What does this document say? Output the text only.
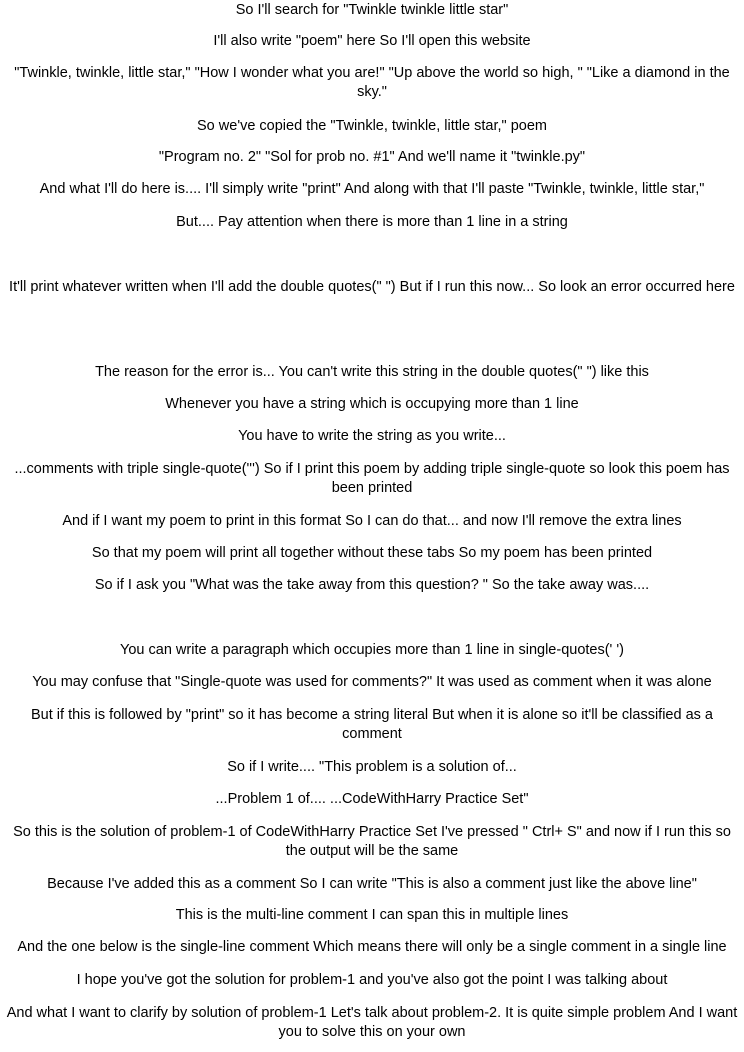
So I'll search for "Twinkle twinkle little star"
I'll also write "poem" here So I'll open this website
"Twinkle, twinkle, little star," "How I wonder what you are!" "Up above the world so high, " "Like a diamond in the sky."
So we've copied the "Twinkle, twinkle, little star," poem
"Program no. 2" "Sol for prob no. #1" And we'll name it "twinkle.py"
And what I'll do here is.... I'll simply write "print" And along with that I'll paste "Twinkle, twinkle, little star,"
But.... Pay attention when there is more than 1 line in a string
It'll print whatever written when I'll add the double quotes(" ") But if I run this now... So look an error occurred here
The reason for the error is... You can't write this string in the double quotes(" ") like this
Whenever you have a string which is occupying more than 1 line
You have to write the string as you write...
...comments with triple single-quote(''') So if I print this poem by adding triple single-quote so look this poem has been printed
And if I want my poem to print in this format So I can do that... and now I'll remove the extra lines
So that my poem will print all together without these tabs So my poem has been printed
So if I ask you "What was the take away from this question? " So the take away was....
You can write a paragraph which occupies more than 1 line in single-quotes(' ')
You may confuse that "Single-quote was used for comments?" It was used as comment when it was alone
But if this is followed by "print" so it has become a string literal But when it is alone so it'll be classified as a comment
So if I write.... "This problem is a solution of...
...Problem 1 of.... ...CodeWithHarry Practice Set"
So this is the solution of problem-1 of CodeWithHarry Practice Set I've pressed " Ctrl+ S" and now if I run this so the output will be the same
Because I've added this as a comment So I can write "This is also a comment just like the above line"
This is the multi-line comment I can span this in multiple lines
And the one below is the single-line comment Which means there will only be a single comment in a single line
I hope you've got the solution for problem-1 and you've also got the point I was talking about
And what I want to clarify by solution of problem-1 Let's talk about problem-2. It is quite simple problem And I want you to solve this on your own
